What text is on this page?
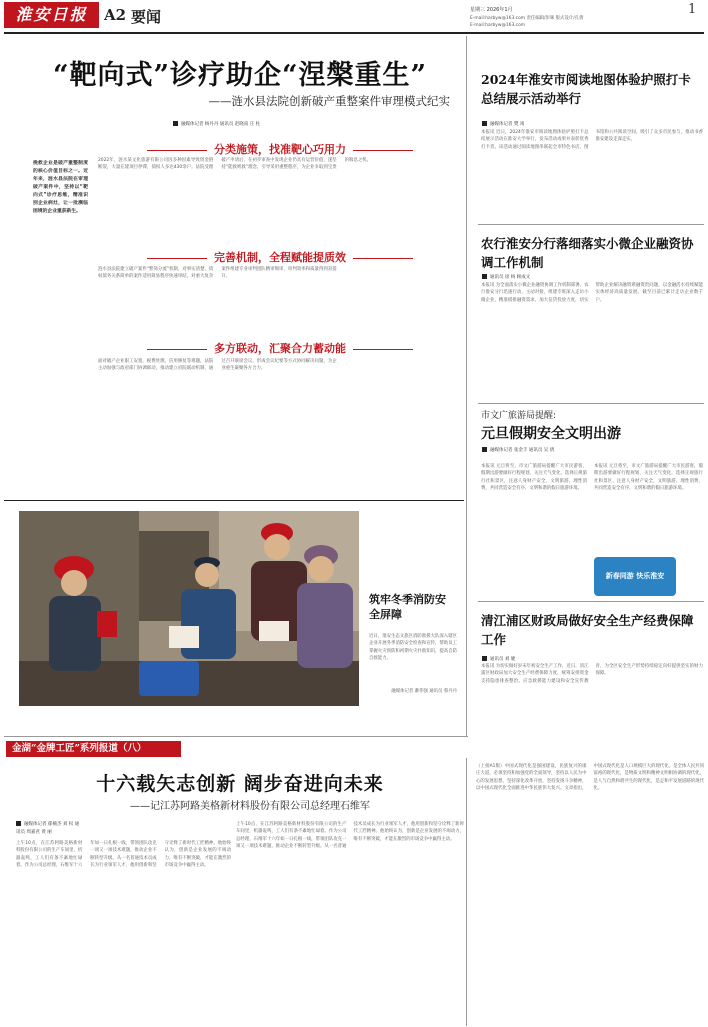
淮安日报	A2 要闻	星期三 2026年1月	1
E-mail:harbyw@163.com 责任编辑/彭咪 版式设计/孔倩
E-mail:harbyw@163.com
“靶向式”诊疗助企“涅槃重生”
——涟水县法院创新破产重整案件审理模式纪实
融媒体记者 杨丹丹 通讯员 赵晓南 庄 柱
挽救企业是破产重整制度的核心价值目标之一。近年来，涟水县法院在审理破产案件中，坚持以“靶向式”诊疗思维，精准识别企业病灶，让一批濒临困境的企业重获新生。
分类施策，找准靶心巧用力
2022年，涟水某文化旅游有限公司因多种因素导致资金链断裂，大量在建项目停滞，债权人多达430余户。法院受理破产申请后，在初步审查中发现企业仍具有运营价值，遂坚持“能救则救”理念，引导采用重整程序，为企业争取到宝贵的喘息之机。
完善机制，全程赋能提质效
涟水县法院建立破产案件“繁简分流”机制，对事实清楚、债权债务关系简单的案件适用简易程序快速审结，对重大复杂案件组建专业审判团队精审细审，审判效率和质量得到双提升。
多方联动，汇聚合力蓄动能
面对破产企业职工安置、税费处理、信用修复等难题，法院主动加强与政府部门协调联动，推动建立府院联动机制，通过召开联席会议、形成会议纪要等方式协同解决问题，为企业重生凝聚各方合力。
筑牢冬季消防安全屏障
近日，淮安生态文旅区消防救援大队深入辖区企业开展冬季消防安全检查和宣传，帮助员工掌握火灾预防和初期火灾扑救知识，提高自防自救能力。
融媒体记者 蓄伟强 通讯员 蔡丹丹
2024年淮安市阅读地图体验护照打卡总结展示活动举行
融媒体记者 樊 靖
本报讯 近日，2024年淮安市阅读地图体验护照打卡总结展示活动在淮安大学举行，发布活动成果并表彰优秀打卡者。该活动通过阅读地图串联起全市特色书店、图书馆和公共阅读空间，吸引了众多市民参与，推动书香淮安建设走深走实。
农行淮安分行落细落实小微企业融资协调工作机制
通讯员 徐 杨 顾成文
本报讯 为全面落实小微企业融资协调工作机制部署，农行淮安分行迅速行动，主动对接，组建专班深入走访小微企业，精准摸排融资需求，加大信贷投放力度，切实帮助企业解决融资难融资贵问题，以金融活水持续赋能实体经济高质量发展。截至目前已累计走访企业数千户。
市文广旅游局提醒:
元旦假期安全文明出游
融媒体记者 张金丰 通讯员 吴 倩
本报讯 元旦将至，市文广旅游局提醒广大市民游客，假期出游要做好行程规划，关注天气变化，选择正规旅行社和景区，注意人身财产安全，文明旅游、理性消费，共同营造安全有序、文明和谐的假日旅游环境。
本报讯 元旦将至，市文广旅游局提醒广大市民游客，假期出游要做好行程规划，关注天气变化，选择正规旅行社和景区，注意人身财产安全，文明旅游、理性消费，共同营造安全有序、文明和谐的假日旅游环境。
新春同游 快乐淮安
清江浦区财政局做好安全生产经费保障工作
通讯员 刘 婕
本报讯 为切实做好岁末年初安全生产工作，近日，清江浦区财政局加大安全生产经费保障力度，统筹安排资金支持隐患排查整治、应急救援能力建设和安全宣传教育，为全区安全生产形势持续稳定向好提供坚实的财力保障。
金湖“金牌工匠”系列报道（八）
十六载矢志创新 阔步奋进向未来
——记江苏阿路美格新材料股份有限公司总经理石维军
融媒体记者 郁楠杰 刘 权 通讯员 周嘉君 黄 丽
上午10点，在江苏阿路美格新材料股份有限公司的生产车间里，机器轰鸣，工人们有条不紊地忙碌着。作为公司总经理，石维军十六年如一日扎根一线，带领团队攻克一项又一项技术难题，推动企业不断转型升级。从一名普通技术员成长为行业领军人才，他用创新和坚守诠释了新时代工匠精神。他始终认为，创新是企业发展的不竭动力，唯有不断突破，才能在激烈的市场竞争中赢得主动。
上午10点，在江苏阿路美格新材料股份有限公司的生产车间里，机器轰鸣，工人们有条不紊地忙碌着。作为公司总经理，石维军十六年如一日扎根一线，带领团队攻克一项又一项技术难题，推动企业不断转型升级。从一名普通技术员成长为行业领军人才，他用创新和坚守诠释了新时代工匠精神。他始终认为，创新是企业发展的不竭动力，唯有不断突破，才能在激烈的市场竞争中赢得主动。
（上接A1版）中国式现代化是强国建设、民族复兴的康庄大道，必须坚持和加强党的全面领导，坚持以人民为中心的发展思想，坚持深化改革开放，坚持发扬斗争精神，以中国式现代化全面推进中华民族伟大复兴。文章指出，中国式现代化是人口规模巨大的现代化，是全体人民共同富裕的现代化，是物质文明和精神文明相协调的现代化，是人与自然和谐共生的现代化，是走和平发展道路的现代化。
